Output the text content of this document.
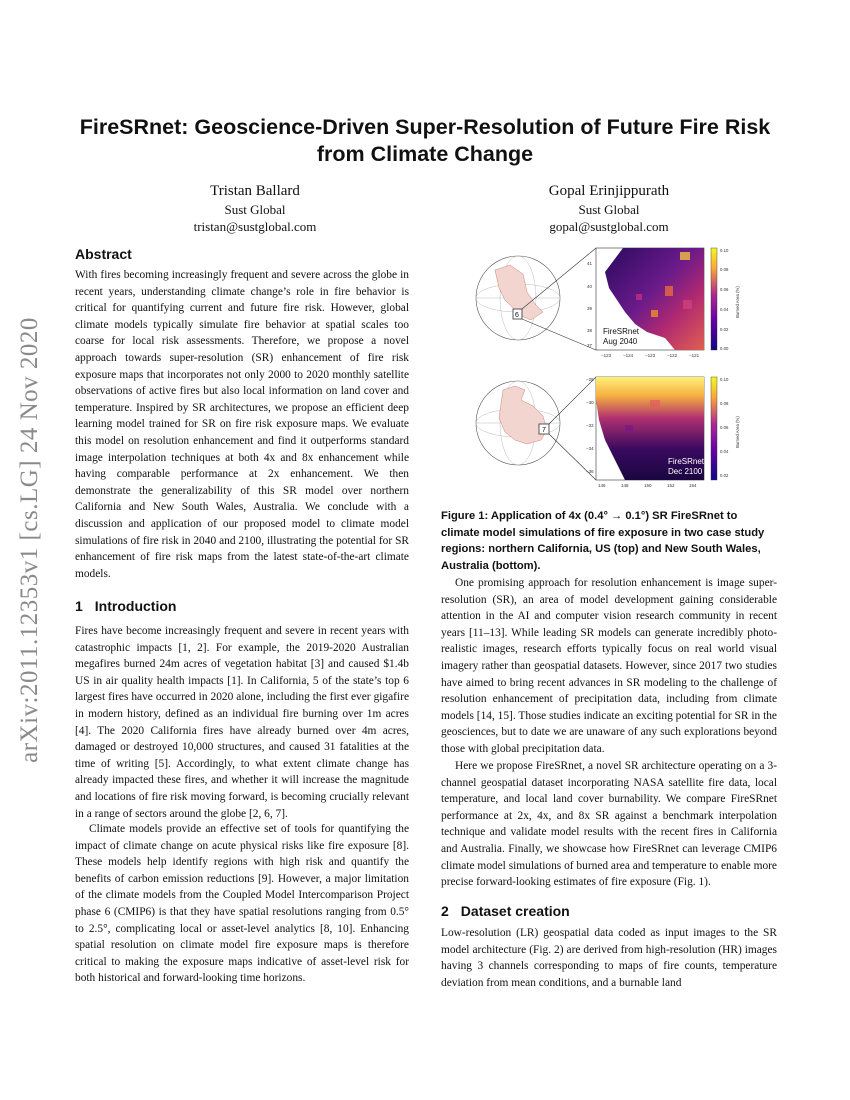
arXiv:2011.12353v1 [cs.LG] 24 Nov 2020
FireSRnet: Geoscience-Driven Super-Resolution of Future Fire Risk from Climate Change
Tristan Ballard
Sust Global
tristan@sustglobal.com
Gopal Erinjippurath
Sust Global
gopal@sustglobal.com
Abstract

With fires becoming increasingly frequent and severe across the globe in recent years, understanding climate change’s role in fire behavior is critical for quantifying current and future fire risk. However, global climate models typically simulate fire behavior at spatial scales too coarse for local risk assessments. Therefore, we propose a novel approach towards super-resolution (SR) enhancement of fire risk exposure maps that incorporates not only 2000 to 2020 monthly satellite observations of active fires but also local information on land cover and temperature. Inspired by SR architectures, we propose an efficient deep learning model trained for SR on fire risk exposure maps. We evaluate this model on resolution enhancement and find it outperforms standard image interpolation techniques at both 4x and 8x enhancement while having comparable performance at 2x enhancement. We then demonstrate the generalizability of this SR model over northern California and New South Wales, Australia. We conclude with a discussion and application of our proposed model to climate model simulations of fire risk in 2040 and 2100, illustrating the potential for SR enhancement of fire risk maps from the latest state-of-the-art climate models.

1 Introduction

Fires have become increasingly frequent and severe in recent years with catastrophic impacts [1, 2]. For example, the 2019-2020 Australian megafires burned 24m acres of vegetation habitat [3] and caused $1.4b US in air quality health impacts [1]. In California, 5 of the state’s top 6 largest fires have occurred in 2020 alone, including the first ever gigafire in modern history, defined as an individual fire burning over 1m acres [4]. The 2020 California fires have already burned over 4m acres, damaged or destroyed 10,000 structures, and caused 31 fatalities at the time of writing [5]. Accordingly, to what extent climate change has already impacted these fires, and whether it will increase the magnitude and locations of fire risk moving forward, is becoming crucially relevant in a range of sectors around the globe [2, 6, 7].

Climate models provide an effective set of tools for quantifying the impact of climate change on acute physical risks like fire exposure [8]. These models help identify regions with high risk and quantify the benefits of carbon emission reductions [9]. However, a major limitation of the climate models from the Coupled Model Intercomparison Project phase 6 (CMIP6) is that they have spatial resolutions ranging from 0.5° to 2.5°, complicating local or asset-level analytics [8, 10]. Enhancing spatial resolution on climate model fire exposure maps is therefore critical to making the exposure maps indicative of asset-level risk for both historical and forward-looking time horizons.

6
FireSRnet
Aug 2040
41
40
39
38
37
−123	−124	−123	−122	−121
0.10
0.08
0.06
0.04
0.02
0.00
Burned Area (%)
7
FireSRnet
Dec 2100
−28
−30
−32
−34
−36
146	148	150	152	154
0.10
0.08
0.06
0.04
0.02
Burned Area (%)

Figure 1: Application of 4x (0.4° → 0.1°) SR FireSRnet to climate model simulations of fire exposure in two case study regions: northern California, US (top) and New South Wales, Australia (bottom).

One promising approach for resolution enhancement is image super-resolution (SR), an area of model development gaining considerable attention in the AI and computer vision research community in recent years [11–13]. While leading SR models can generate incredibly photo-realistic images, research efforts typically focus on real world visual imagery rather than geospatial datasets. However, since 2017 two studies have aimed to bring recent advances in SR modeling to the challenge of resolution enhancement of precipitation data, including from climate models [14, 15]. Those studies indicate an exciting potential for SR in the geosciences, but to date we are unaware of any such explorations beyond those with global precipitation data.

Here we propose FireSRnet, a novel SR architecture operating on a 3-channel geospatial dataset incorporating NASA satellite fire data, local temperature, and local land cover burnability. We compare FireSRnet performance at 2x, 4x, and 8x SR against a benchmark interpolation technique and validate model results with the recent fires in California and Australia. Finally, we showcase how FireSRnet can leverage CMIP6 climate model simulations of burned area and temperature to enable more precise forward-looking estimates of fire exposure (Fig. 1).

2 Dataset creation

Low-resolution (LR) geospatial data coded as input images to the SR model architecture (Fig. 2) are derived from high-resolution (HR) images having 3 channels corresponding to maps of fire counts, temperature deviation from mean conditions, and a burnable land
